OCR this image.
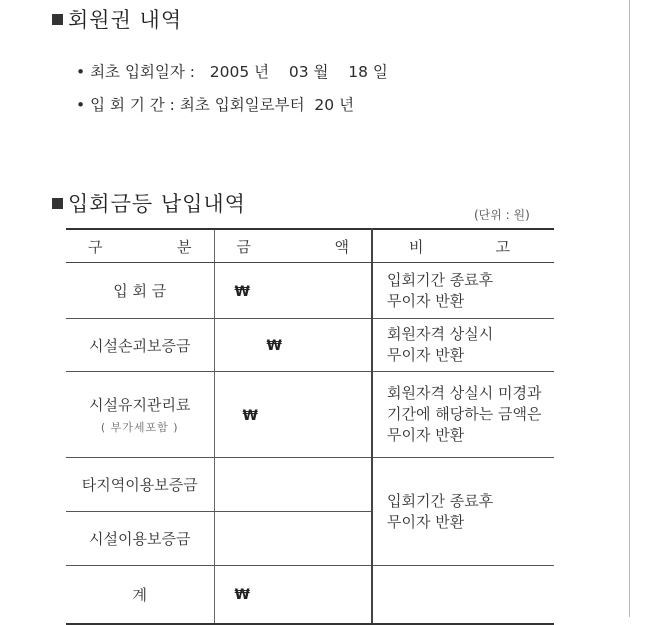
회원권 내역
• 최초 입회일자 : 2005 년 03 월 18 일
• 입 회 기 간 : 최초 입회일로부터 20 년
입회금등 납입내역	(단위 : 원)
구 분	금 액	비 고

입 회 금	₩	입회기간 종료후
무이자 반환

시설손괴보증금	₩	회원자격 상실시
무이자 반환

시설유지관리료
( 부가세포함 )	₩	회원자격 상실시 미경과
기간에 해당하는 금액은
무이자 반환

타지역이용보증금		입회기간 종료후
무이자 반환

시설이용보증금		
계	₩	
